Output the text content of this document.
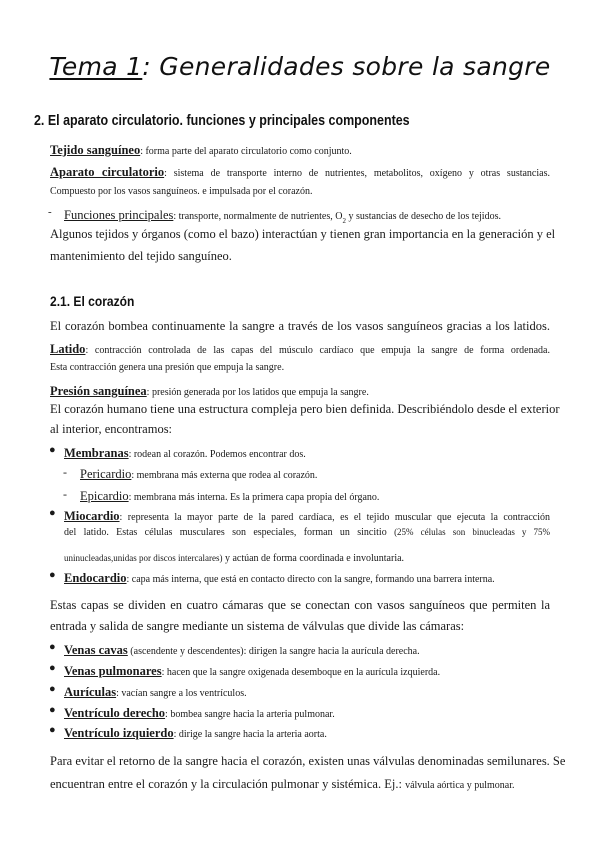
Tema 1: Generalidades sobre la sangre
2. El aparato circulatorio. funciones y principales componentes
Tejido sanguíneo: forma parte del aparato circulatorio como conjunto.
Aparato circulatorio: sistema de transporte interno de nutrientes, metabolitos, oxígeno y otras sustancias.
Compuesto por los vasos sanguíneos. e impulsada por el corazón.
- Funciones principales: transporte, normalmente de nutrientes, $O_2$ y sustancias de desecho de los tejidos.
Algunos tejidos y órganos (como el bazo) interactúan y tienen gran importancia en la generación y el
mantenimiento del tejido sanguíneo.
2.1. El corazón
El corazón bombea continuamente la sangre a través de los vasos sanguíneos gracias a los latidos.
Latido: contracción controlada de las capas del músculo cardíaco que empuja la sangre de forma ordenada.
Esta contracción genera una presión que empuja la sangre.
Presión sanguínea: presión generada por los latidos que empuja la sangre.
El corazón humano tiene una estructura compleja pero bien definida. Describiéndolo desde el exterior
al interior, encontramos:
● Membranas: rodean al corazón. Podemos encontrar dos.
- Pericardio: membrana más externa que rodea al corazón.
- Epicardio: membrana más interna. Es la primera capa propia del órgano.
● Miocardio: representa la mayor parte de la pared cardíaca, es el tejido muscular que ejecuta la contracción
del latido. Estas células musculares son especiales, forman un sincitio (25% células son binucleadas y 75%
uninucleadas,unidas por discos intercalares) y actúan de forma coordinada e involuntaria.
● Endocardio: capa más interna, que está en contacto directo con la sangre, formando una barrera interna.
Estas capas se dividen en cuatro cámaras que se conectan con vasos sanguíneos que permiten la
entrada y salida de sangre mediante un sistema de válvulas que divide las cámaras:
● Venas cavas (ascendente y descendentes): dirigen la sangre hacia la aurícula derecha.
● Venas pulmonares: hacen que la sangre oxigenada desemboque en la aurícula izquierda.
● Aurículas: vacían sangre a los ventrículos.
● Ventrículo derecho: bombea sangre hacia la arteria pulmonar.
● Ventrículo izquierdo: dirige la sangre hacia la arteria aorta.
Para evitar el retorno de la sangre hacia el corazón, existen unas válvulas denominadas semilunares. Se
encuentran entre el corazón y la circulación pulmonar y sistémica. Ej.: válvula aórtica y pulmonar.
